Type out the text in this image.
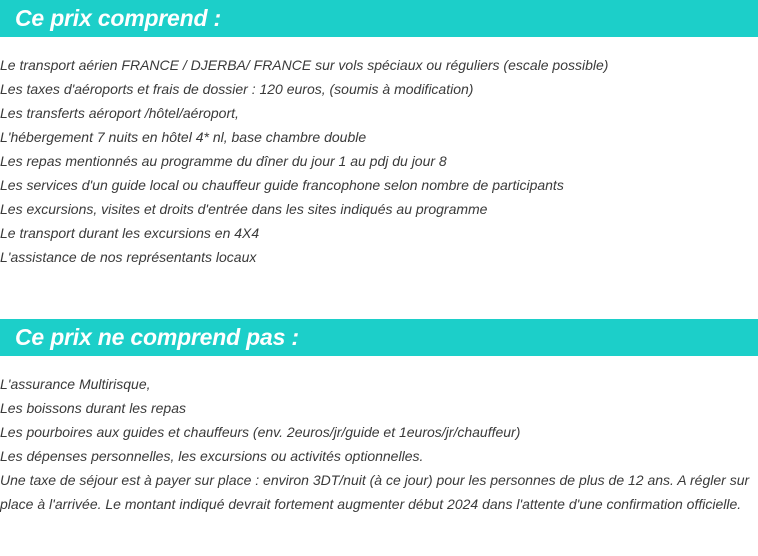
Ce prix comprend :
Le transport aérien FRANCE / DJERBA/ FRANCE sur vols spéciaux ou réguliers (escale possible)
Les taxes d'aéroports et frais de dossier : 120 euros, (soumis à modification)
Les transferts aéroport /hôtel/aéroport,
L'hébergement 7 nuits en hôtel 4* nl, base chambre double
Les repas mentionnés au programme du dîner du jour 1 au pdj du jour 8
Les services d'un guide local ou chauffeur guide francophone selon nombre de participants
Les excursions, visites et droits d'entrée dans les sites indiqués au programme
Le transport durant les excursions en 4X4
L'assistance de nos représentants locaux
Ce prix ne comprend pas :
L'assurance Multirisque,
Les boissons durant les repas
Les pourboires aux guides et chauffeurs (env. 2euros/jr/guide et 1euros/jr/chauffeur)
Les dépenses personnelles, les excursions ou activités optionnelles.
Une taxe de séjour est à payer sur place : environ 3DT/nuit (à ce jour) pour les personnes de plus de 12 ans. A régler sur place à l'arrivée. Le montant indiqué devrait fortement augmenter début 2024 dans l'attente d'une confirmation officielle.
